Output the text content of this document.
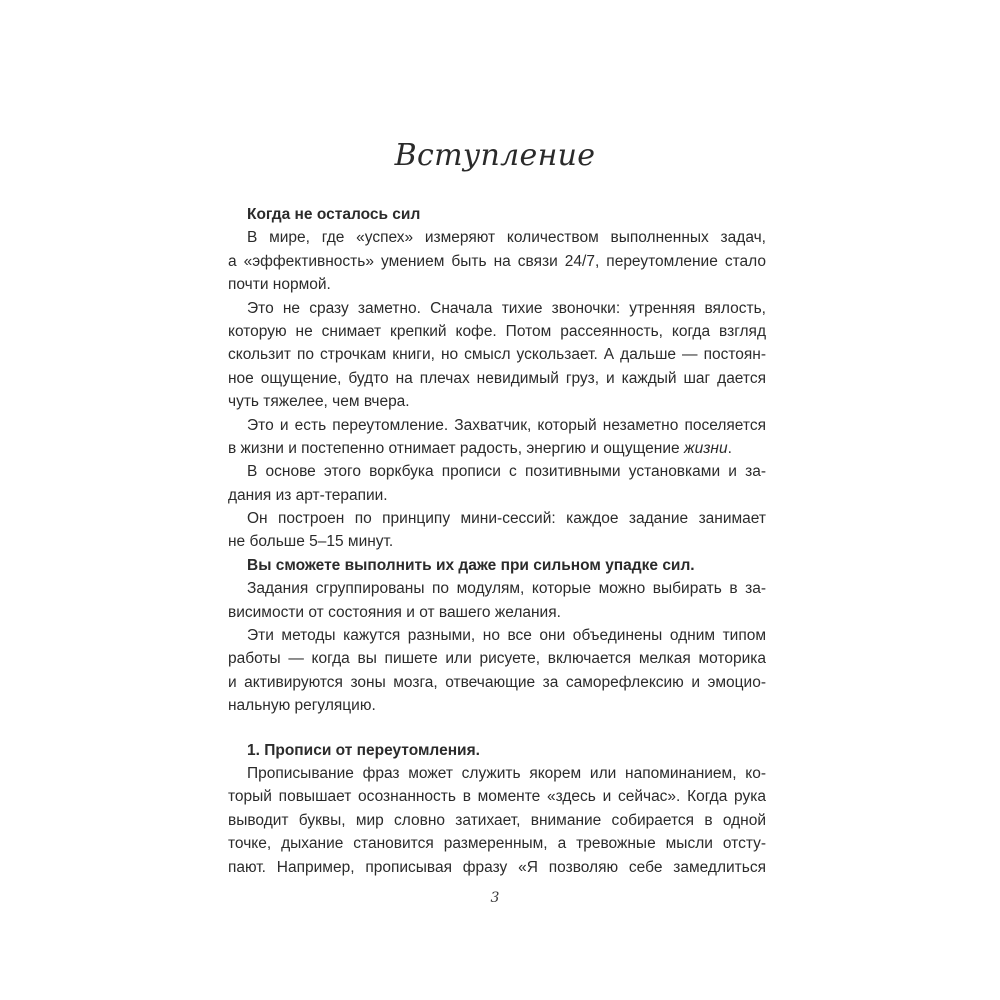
Вступление
Когда не осталось сил
В мире, где «успех» измеряют количеством выполненных задач,
а «эффективность» умением быть на связи 24/7, переутомление стало
почти нормой.
Это не сразу заметно. Сначала тихие звоночки: утренняя вялость,
которую не снимает крепкий кофе. Потом рассеянность, когда взгляд
скользит по строчкам книги, но смысл ускользает. А дальше — постоян-
ное ощущение, будто на плечах невидимый груз, и каждый шаг дается
чуть тяжелее, чем вчера.
Это и есть переутомление. Захватчик, который незаметно поселяется
в жизни и постепенно отнимает радость, энергию и ощущение жизни.
В основе этого воркбука прописи с позитивными установками и за-
дания из арт-терапии.
Он построен по принципу мини-сессий: каждое задание занимает
не больше 5–15 минут.
Вы сможете выполнить их даже при сильном упадке сил.
Задания сгруппированы по модулям, которые можно выбирать в за-
висимости от состояния и от вашего желания.
Эти методы кажутся разными, но все они объединены одним типом
работы — когда вы пишете или рисуете, включается мелкая моторика
и активируются зоны мозга, отвечающие за саморефлексию и эмоцио-
нальную регуляцию.
1. Прописи от переутомления.
Прописывание фраз может служить якорем или напоминанием, ко-
торый повышает осознанность в моменте «здесь и сейчас». Когда рука
выводит буквы, мир словно затихает, внимание собирается в одной
точке, дыхание становится размеренным, а тревожные мысли отсту-
пают. Например, прописывая фразу «Я позволяю себе замедлиться
3
